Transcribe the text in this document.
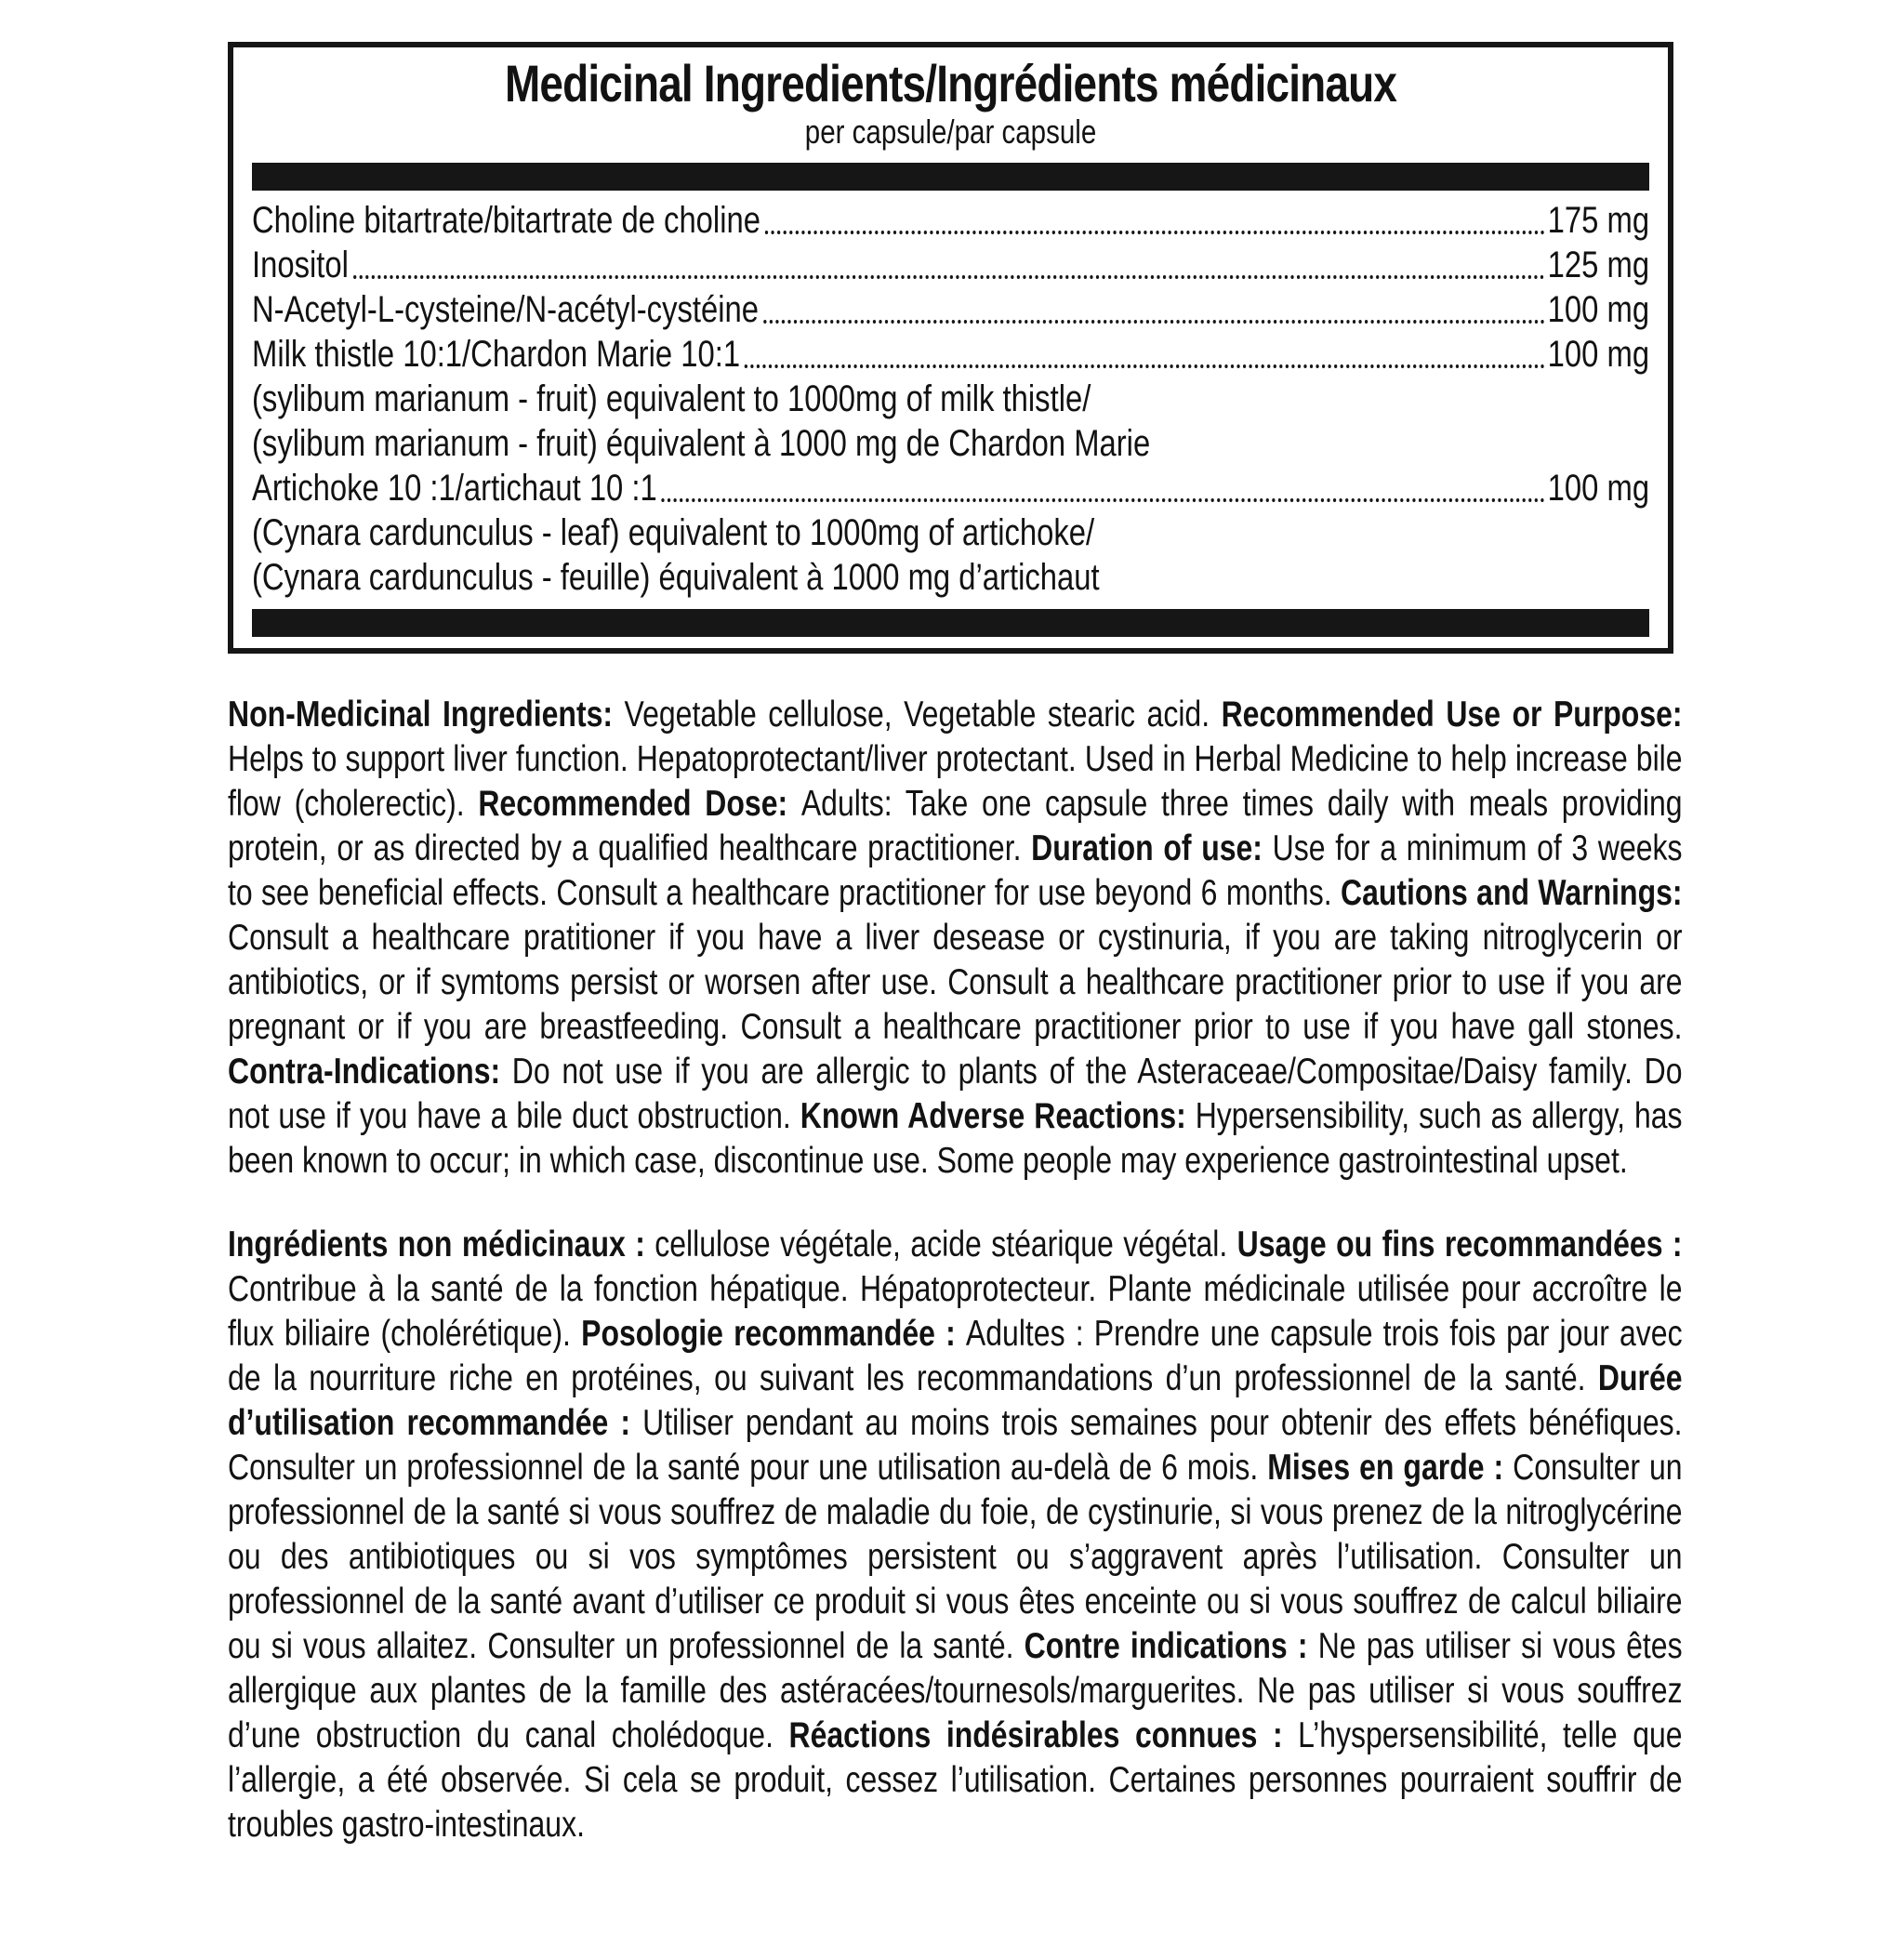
Medicinal Ingredients/Ingrédients médicinaux
per capsule/par capsule
Choline bitartrate/bitartrate de choline	175 mg
Inositol	125 mg
N-Acetyl-L-cysteine/N-acétyl-cystéine	100 mg
Milk thistle 10:1/Chardon Marie 10:1	100 mg
(sylibum marianum - fruit) equivalent to 1000mg of milk thistle/
(sylibum marianum - fruit) équivalent à 1000 mg de Chardon Marie
Artichoke 10 :1/artichaut 10 :1	100 mg
(Cynara cardunculus - leaf) equivalent to 1000mg of artichoke/
(Cynara cardunculus - feuille) équivalent à 1000 mg d’artichaut

Non-Medicinal Ingredients: Vegetable cellulose, Vegetable stearic acid. Recommended Use or Purpose: Helps to support liver function. Hepatoprotectant/liver protectant. Used in Herbal Medicine to help increase bile flow (cholerectic). Recommended Dose: Adults: Take one capsule three times daily with meals providing protein, or as directed by a qualified healthcare practitioner. Duration of use: Use for a minimum of 3 weeks to see beneficial effects. Consult a healthcare practitioner for use beyond 6 months. Cautions and Warnings: Consult a healthcare pratitioner if you have a liver desease or cystinuria, if you are taking nitroglycerin or antibiotics, or if symtoms persist or worsen after use. Consult a healthcare practitioner prior to use if you are pregnant or if you are breastfeeding. Consult a healthcare practitioner prior to use if you have gall stones. Contra-Indications: Do not use if you are allergic to plants of the Asteraceae/Compositae/Daisy family. Do not use if you have a bile duct obstruction. Known Adverse Reactions: Hypersensibility, such as allergy, has been known to occur; in which case, discontinue use. Some people may experience gastrointestinal upset.

Ingrédients non médicinaux : cellulose végétale, acide stéarique végétal. Usage ou fins recommandées : Contribue à la santé de la fonction hépatique. Hépatoprotecteur. Plante médicinale utilisée pour accroître le flux biliaire (cholérétique). Posologie recommandée : Adultes : Prendre une capsule trois fois par jour avec de la nourriture riche en protéines, ou suivant les recommandations d’un professionnel de la santé. Durée d’utilisation recommandée : Utiliser pendant au moins trois semaines pour obtenir des effets bénéfiques. Consulter un professionnel de la santé pour une utilisation au-delà de 6 mois. Mises en garde : Consulter un professionnel de la santé si vous souffrez de maladie du foie, de cystinurie, si vous prenez de la nitroglycérine ou des antibiotiques ou si vos symptômes persistent ou s’aggravent après l’utilisation. Consulter un professionnel de la santé avant d’utiliser ce produit si vous êtes enceinte ou si vous souffrez de calcul biliaire ou si vous allaitez. Consulter un professionnel de la santé. Contre indications : Ne pas utiliser si vous êtes allergique aux plantes de la famille des astéracées/tournesols/marguerites. Ne pas utiliser si vous souffrez d’une obstruction du canal cholédoque. Réactions indésirables connues : L’hyspersensibilité, telle que l’allergie, a été observée. Si cela se produit, cessez l’utilisation. Certaines personnes pourraient souffrir de troubles gastro-intestinaux.
